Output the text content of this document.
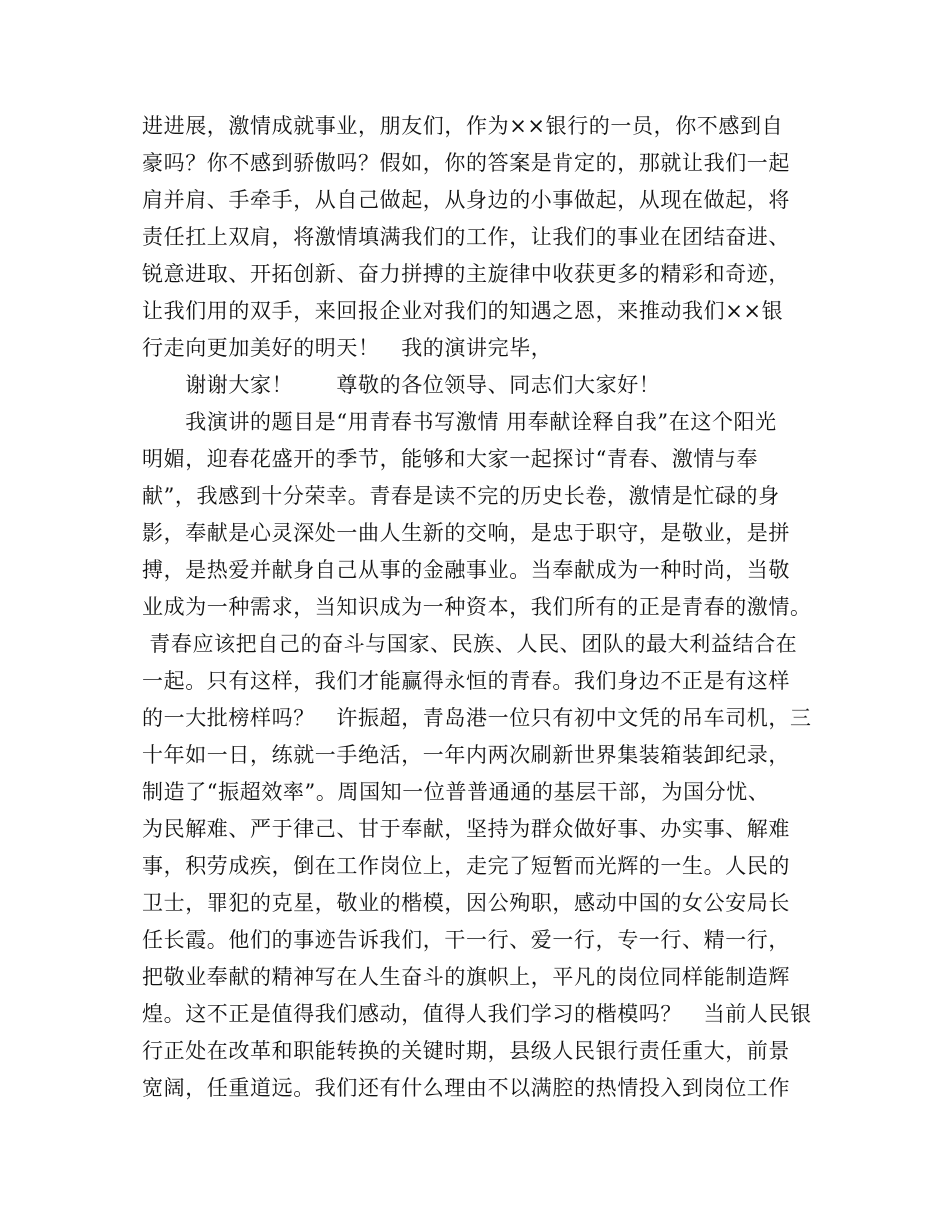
进进展，激情成就事业，朋友们，作为××银行的一员，你不感到自
豪吗？你不感到骄傲吗？假如，你的答案是肯定的，那就让我们一起
肩并肩、手牵手，从自己做起，从身边的小事做起，从现在做起，将
责任扛上双肩，将激情填满我们的工作，让我们的事业在团结奋进、
锐意进取、开拓创新、奋力拼搏的主旋律中收获更多的精彩和奇迹，
让我们用的双手，来回报企业对我们的知遇之恩，来推动我们××银
行走向更加美好的明天！　我的演讲完毕，
　　谢谢大家！　　尊敬的各位领导、同志们大家好！
　　我演讲的题目是“用青春书写激情 用奉献诠释自我”在这个阳光
明媚，迎春花盛开的季节，能够和大家一起探讨“青春、激情与奉
献”，我感到十分荣幸。青春是读不完的历史长卷，激情是忙碌的身
影，奉献是心灵深处一曲人生新的交响，是忠于职守，是敬业，是拼
搏，是热爱并献身自己从事的金融事业。当奉献成为一种时尚，当敬
业成为一种需求，当知识成为一种资本，我们所有的正是青春的激情。
青春应该把自己的奋斗与国家、民族、人民、团队的最大利益结合在
一起。只有这样，我们才能赢得永恒的青春。我们身边不正是有这样
的一大批榜样吗？　许振超，青岛港一位只有初中文凭的吊车司机，三
十年如一日，练就一手绝活，一年内两次刷新世界集装箱装卸纪录，
制造了“振超效率”。周国知一位普普通通的基层干部，为国分忧、
为民解难、严于律己、甘于奉献，坚持为群众做好事、办实事、解难
事，积劳成疾，倒在工作岗位上，走完了短暂而光辉的一生。人民的
卫士，罪犯的克星，敬业的楷模，因公殉职，感动中国的女公安局长
任长霞。他们的事迹告诉我们，干一行、爱一行，专一行、精一行，
把敬业奉献的精神写在人生奋斗的旗帜上，平凡的岗位同样能制造辉
煌。这不正是值得我们感动，值得人我们学习的楷模吗？　当前人民银
行正处在改革和职能转换的关键时期，县级人民银行责任重大，前景
宽阔，任重道远。我们还有什么理由不以满腔的热情投入到岗位工作
